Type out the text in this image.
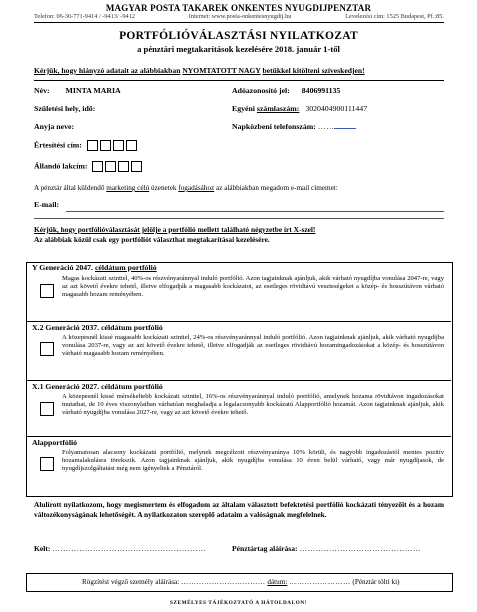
MAGYAR POSTA TAKAREK ONKENTES NYUGDIJPENZTAR
Telefon: 06-30-771-9414 / -9413/ -9412	Internet: www.posta-onkentesnyugdij.hu	Levelezési cím: 1525 Budapest, Pf.:85.
PORTFÓLIÓVÁLASZTÁSI NYILATKOZAT
a pénztári megtakarítások kezelésére 2018. január 1-től
Kérjük, hogy hiányzó adatait az alábbiakban NYOMTATOTT NAGY betűkkel kitölteni szíveskedjen!
Név: MINTA MARIA	Adóazonosító jel: 8406991135
Születési hely, idő:	Egyéni számlaszám: 3020404900111447
Anyja neve:	Napközbeni telefonszám: ……
Értesítési cím:
Állandó lakcím:
A pénztár által küldendő marketing célú üzenetek fogadásához az alábbiakban megadom e-mail címemet:
E-mail:
Kérjük, hogy portfólióválasztását jelölje a portfólió mellett található négyzetbe írt X-szel!
Az alábbiak közül csak egy portfóliót választhat megtakarításai kezelésére.
Y Generáció 2047. céldátum portfólió
Magas kockázati szinttel, 40%-os részvényaránnyal induló portfólió. Azon tagjainknak ajánljuk, akik várható nyugdíjba vonulása 2047-re, vagy az azt követő évekre tehető, illetve elfogadják a magasabb kockázatot, az esetleges rövidtávú veszteségeket a közép- és hosszútávon várható magasabb hozam reményében.
X.2 Generáció 2037. céldátum portfólió
A közepesnél kissé magasabb kockázati szinttel, 24%-os részvényaránnyal induló portfólió. Azon tagjainknak ajánljuk, akik várható nyugdíjba vonulása 2037-re, vagy az azt követő évekre tehető, illetve elfogadják az esetleges rövidtávú hozamingadozásokat a közép- és hosszútávon várható magasabb hozam reményében.
X.1 Generáció 2027. céldátum portfólió
A közepesnél kissé mérsékeltebb kockázati szinttel, 16%-os részvényaránnyal induló portfólió, amelynek hozama rövidtávon ingadozásokat mutathat, de 10 éves viszonylatban várhatóan meghaladja a legalacsonyabb kockázatú Alapportfólió hozamát. Azon tagjainknak ajánljuk, akik várható nyugdíjba vonulása 2027-re, vagy az azt követő évekre tehető.
Alapportfólió
Folyamatosan alacsony kockázatú portfólió, melynek megcélzott részvényaránya 10% körüli, és nagyobb ingadozástól mentes pozitív hozamalakulásra törekszik. Azon tagjainknak ajánljuk, akik nyugdíjba vonulása 10 éven belül várható, vagy már nyugdíjasok, de nyugdíjszolgáltatást még nem igényeltek a Pénztáról.
Alulírott nyilatkozom, hogy megismertem és elfogadom az általam választott befektetési portfólió kockázati tényezőit és a hozam változékonyságának lehetőségét. A nyilatkozaton szereplő adataim a valóságnak megfelelnek.
Kelt: …………………………………………………	Pénztártag aláírása: ………………………………………
Rögzítést végző személy aláírása: …………………………… dátum: …………………… (Pénztár tölti ki)
SZEMÉLYES TÁJÉKOZTATÓ A HÁTOLDALON!
